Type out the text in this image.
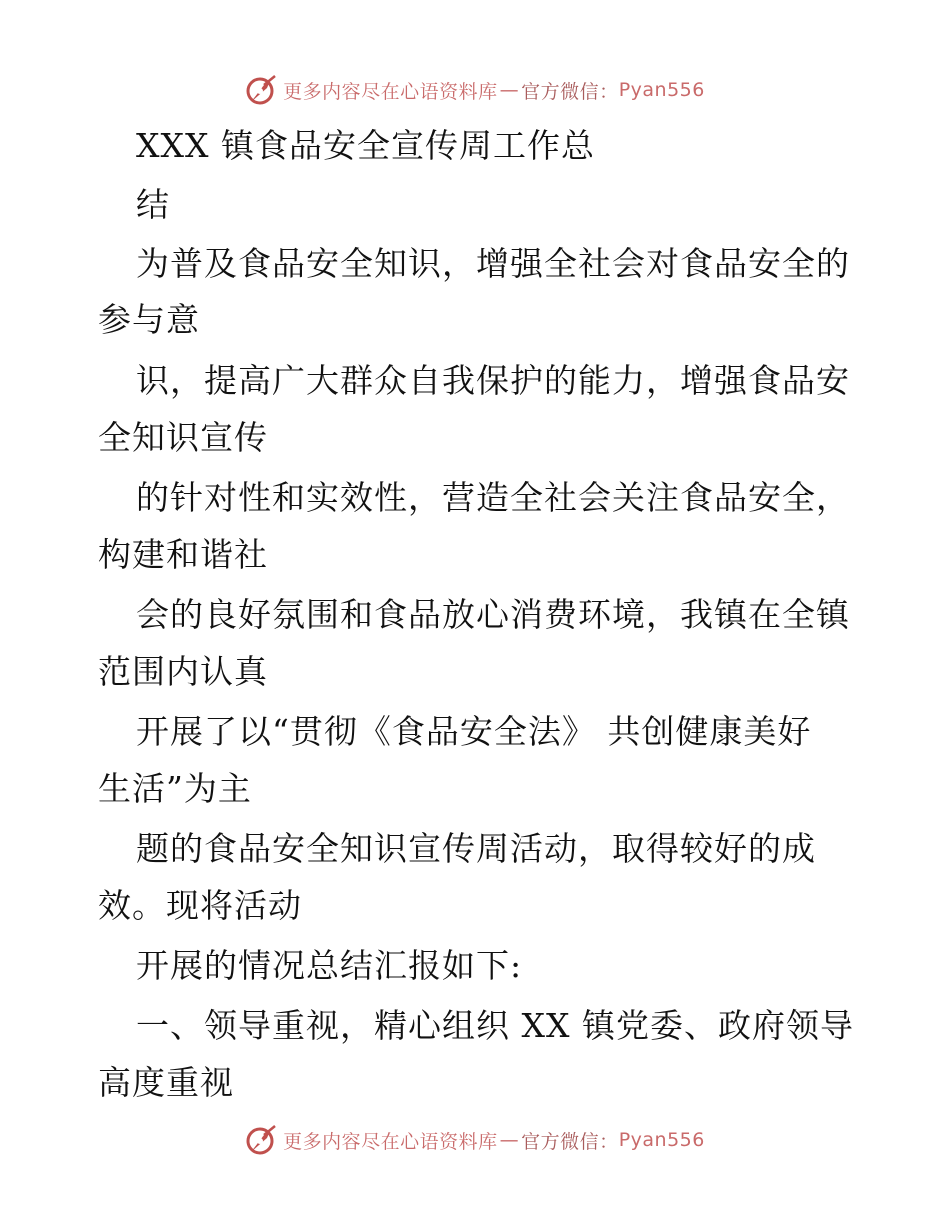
更多内容尽在心语资料库 — 官方微信： Pyan556
XXX 镇食品安全宣传周工作总
结
为普及食品安全知识，增强全社会对食品安全的
参与意
识，提高广大群众自我保护的能力，增强食品安
全知识宣传
的针对性和实效性，营造全社会关注食品安全，
构建和谐社
会的良好氛围和食品放心消费环境，我镇在全镇
范围内认真
开展了以“贯彻《食品安全法》 共创健康美好
生活”为主
题的食品安全知识宣传周活动，取得较好的成
效。现将活动
开展的情况总结汇报如下:
一、领导重视，精心组织 XX 镇党委、政府领导
高度重视
更多内容尽在心语资料库 — 官方微信： Pyan556
